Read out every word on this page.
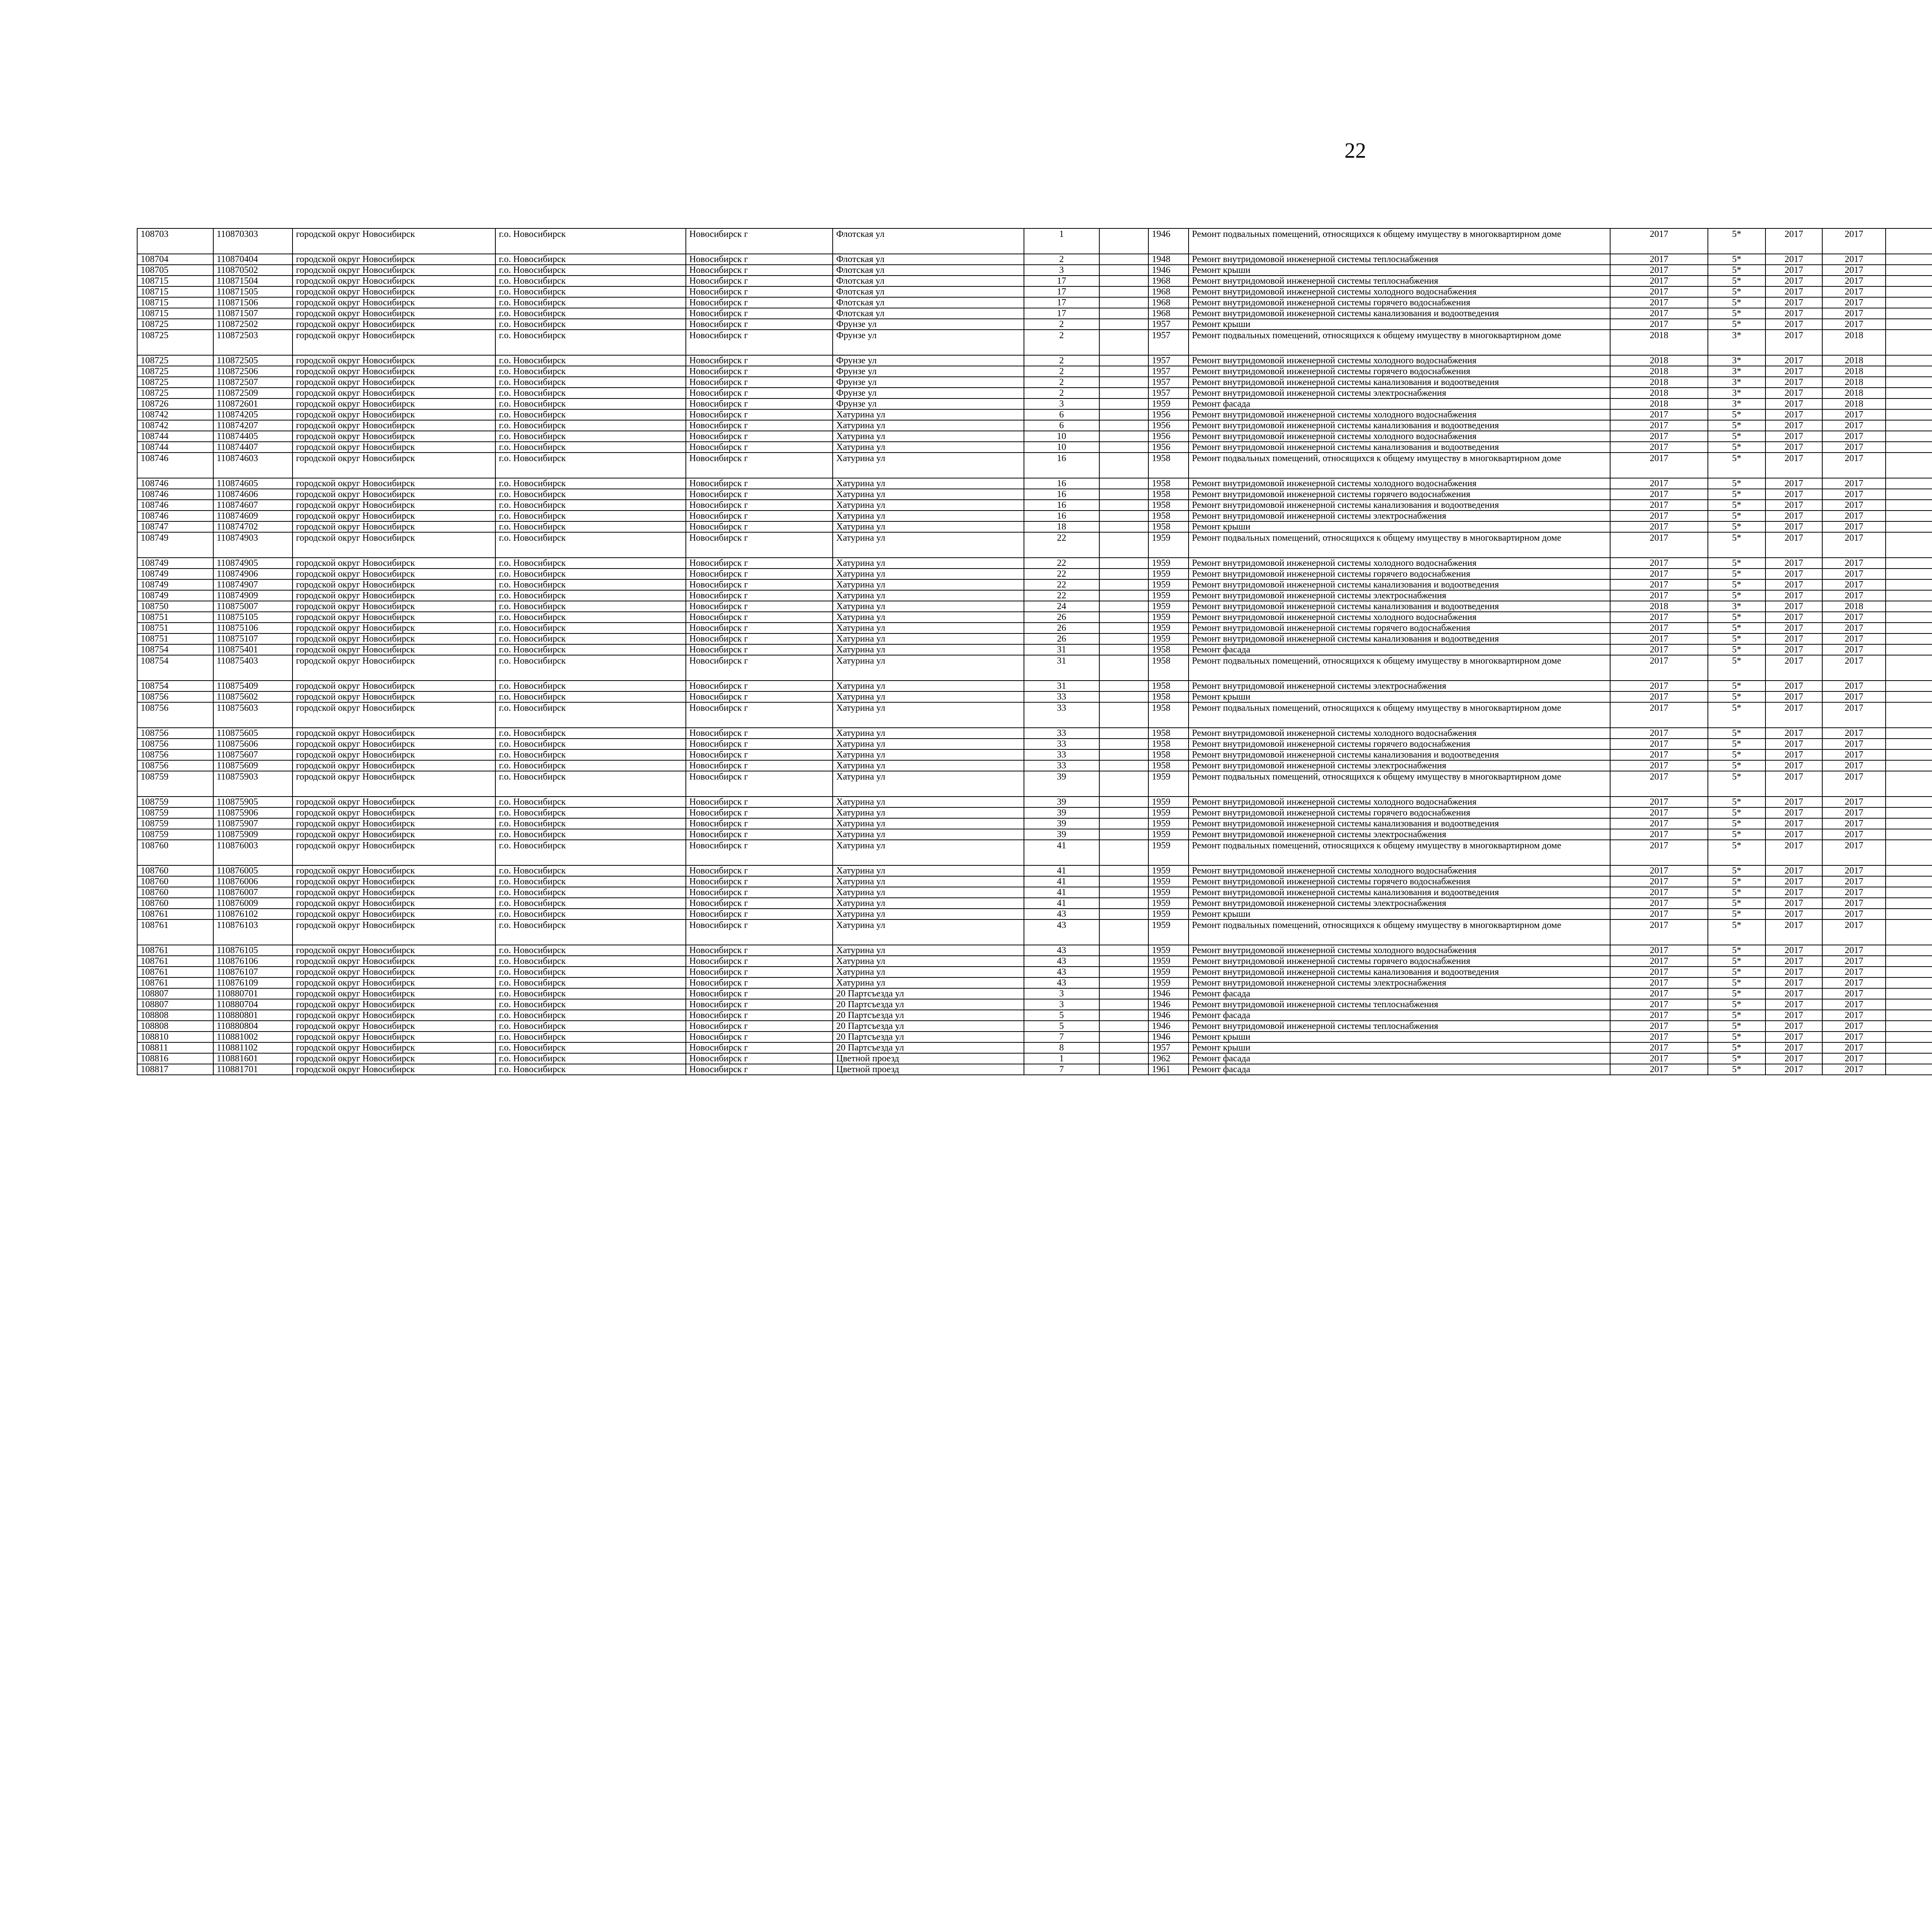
22
108703	110870303	городской округ Новосибирск	г.о. Новосибирск	Новосибирск г	Флотская ул	1		1946	Ремонт подвальных помещений, относящихся к общему имуществу в многоквартирном доме	2017	5*	2017	2017							
108704	110870404	городской округ Новосибирск	г.о. Новосибирск	Новосибирск г	Флотская ул	2		1948	Ремонт внутридомовой инженерной системы теплоснабжения	2017	5*	2017	2017							
108705	110870502	городской округ Новосибирск	г.о. Новосибирск	Новосибирск г	Флотская ул	3		1946	Ремонт крыши	2017	5*	2017	2017							
108715	110871504	городской округ Новосибирск	г.о. Новосибирск	Новосибирск г	Флотская ул	17		1968	Ремонт внутридомовой инженерной системы теплоснабжения	2017	5*	2017	2017							
108715	110871505	городской округ Новосибирск	г.о. Новосибирск	Новосибирск г	Флотская ул	17		1968	Ремонт внутридомовой инженерной системы холодного водоснабжения	2017	5*	2017	2017							
108715	110871506	городской округ Новосибирск	г.о. Новосибирск	Новосибирск г	Флотская ул	17		1968	Ремонт внутридомовой инженерной системы горячего водоснабжения	2017	5*	2017	2017							
108715	110871507	городской округ Новосибирск	г.о. Новосибирск	Новосибирск г	Флотская ул	17		1968	Ремонт внутридомовой инженерной системы канализования и водоотведения	2017	5*	2017	2017							
108725	110872502	городской округ Новосибирск	г.о. Новосибирск	Новосибирск г	Фрунзе ул	2		1957	Ремонт крыши	2017	5*	2017	2017							
108725	110872503	городской округ Новосибирск	г.о. Новосибирск	Новосибирск г	Фрунзе ул	2		1957	Ремонт подвальных помещений, относящихся к общему имуществу в многоквартирном доме	2018	3*	2017	2018							
108725	110872505	городской округ Новосибирск	г.о. Новосибирск	Новосибирск г	Фрунзе ул	2		1957	Ремонт внутридомовой инженерной системы холодного водоснабжения	2018	3*	2017	2018							
108725	110872506	городской округ Новосибирск	г.о. Новосибирск	Новосибирск г	Фрунзе ул	2		1957	Ремонт внутридомовой инженерной системы горячего водоснабжения	2018	3*	2017	2018							
108725	110872507	городской округ Новосибирск	г.о. Новосибирск	Новосибирск г	Фрунзе ул	2		1957	Ремонт внутридомовой инженерной системы канализования и водоотведения	2018	3*	2017	2018							
108725	110872509	городской округ Новосибирск	г.о. Новосибирск	Новосибирск г	Фрунзе ул	2		1957	Ремонт внутридомовой инженерной системы электроснабжения	2018	3*	2017	2018							
108726	110872601	городской округ Новосибирск	г.о. Новосибирск	Новосибирск г	Фрунзе ул	3		1959	Ремонт фасада	2018	3*	2017	2018							
108742	110874205	городской округ Новосибирск	г.о. Новосибирск	Новосибирск г	Хатурина ул	6		1956	Ремонт внутридомовой инженерной системы холодного водоснабжения	2017	5*	2017	2017							
108742	110874207	городской округ Новосибирск	г.о. Новосибирск	Новосибирск г	Хатурина ул	6		1956	Ремонт внутридомовой инженерной системы канализования и водоотведения	2017	5*	2017	2017							
108744	110874405	городской округ Новосибирск	г.о. Новосибирск	Новосибирск г	Хатурина ул	10		1956	Ремонт внутридомовой инженерной системы холодного водоснабжения	2017	5*	2017	2017							
108744	110874407	городской округ Новосибирск	г.о. Новосибирск	Новосибирск г	Хатурина ул	10		1956	Ремонт внутридомовой инженерной системы канализования и водоотведения	2017	5*	2017	2017							
108746	110874603	городской округ Новосибирск	г.о. Новосибирск	Новосибирск г	Хатурина ул	16		1958	Ремонт подвальных помещений, относящихся к общему имуществу в многоквартирном доме	2017	5*	2017	2017							
108746	110874605	городской округ Новосибирск	г.о. Новосибирск	Новосибирск г	Хатурина ул	16		1958	Ремонт внутридомовой инженерной системы холодного водоснабжения	2017	5*	2017	2017							
108746	110874606	городской округ Новосибирск	г.о. Новосибирск	Новосибирск г	Хатурина ул	16		1958	Ремонт внутридомовой инженерной системы горячего водоснабжения	2017	5*	2017	2017							
108746	110874607	городской округ Новосибирск	г.о. Новосибирск	Новосибирск г	Хатурина ул	16		1958	Ремонт внутридомовой инженерной системы канализования и водоотведения	2017	5*	2017	2017							
108746	110874609	городской округ Новосибирск	г.о. Новосибирск	Новосибирск г	Хатурина ул	16		1958	Ремонт внутридомовой инженерной системы электроснабжения	2017	5*	2017	2017							
108747	110874702	городской округ Новосибирск	г.о. Новосибирск	Новосибирск г	Хатурина ул	18		1958	Ремонт крыши	2017	5*	2017	2017							
108749	110874903	городской округ Новосибирск	г.о. Новосибирск	Новосибирск г	Хатурина ул	22		1959	Ремонт подвальных помещений, относящихся к общему имуществу в многоквартирном доме	2017	5*	2017	2017							
108749	110874905	городской округ Новосибирск	г.о. Новосибирск	Новосибирск г	Хатурина ул	22		1959	Ремонт внутридомовой инженерной системы холодного водоснабжения	2017	5*	2017	2017							
108749	110874906	городской округ Новосибирск	г.о. Новосибирск	Новосибирск г	Хатурина ул	22		1959	Ремонт внутридомовой инженерной системы горячего водоснабжения	2017	5*	2017	2017							
108749	110874907	городской округ Новосибирск	г.о. Новосибирск	Новосибирск г	Хатурина ул	22		1959	Ремонт внутридомовой инженерной системы канализования и водоотведения	2017	5*	2017	2017							
108749	110874909	городской округ Новосибирск	г.о. Новосибирск	Новосибирск г	Хатурина ул	22		1959	Ремонт внутридомовой инженерной системы электроснабжения	2017	5*	2017	2017							
108750	110875007	городской округ Новосибирск	г.о. Новосибирск	Новосибирск г	Хатурина ул	24		1959	Ремонт внутридомовой инженерной системы канализования и водоотведения	2018	3*	2017	2018							
108751	110875105	городской округ Новосибирск	г.о. Новосибирск	Новосибирск г	Хатурина ул	26		1959	Ремонт внутридомовой инженерной системы холодного водоснабжения	2017	5*	2017	2017							
108751	110875106	городской округ Новосибирск	г.о. Новосибирск	Новосибирск г	Хатурина ул	26		1959	Ремонт внутридомовой инженерной системы горячего водоснабжения	2017	5*	2017	2017							
108751	110875107	городской округ Новосибирск	г.о. Новосибирск	Новосибирск г	Хатурина ул	26		1959	Ремонт внутридомовой инженерной системы канализования и водоотведения	2017	5*	2017	2017							
108754	110875401	городской округ Новосибирск	г.о. Новосибирск	Новосибирск г	Хатурина ул	31		1958	Ремонт фасада	2017	5*	2017	2017							
108754	110875403	городской округ Новосибирск	г.о. Новосибирск	Новосибирск г	Хатурина ул	31		1958	Ремонт подвальных помещений, относящихся к общему имуществу в многоквартирном доме	2017	5*	2017	2017							
108754	110875409	городской округ Новосибирск	г.о. Новосибирск	Новосибирск г	Хатурина ул	31		1958	Ремонт внутридомовой инженерной системы электроснабжения	2017	5*	2017	2017							
108756	110875602	городской округ Новосибирск	г.о. Новосибирск	Новосибирск г	Хатурина ул	33		1958	Ремонт крыши	2017	5*	2017	2017							
108756	110875603	городской округ Новосибирск	г.о. Новосибирск	Новосибирск г	Хатурина ул	33		1958	Ремонт подвальных помещений, относящихся к общему имуществу в многоквартирном доме	2017	5*	2017	2017							
108756	110875605	городской округ Новосибирск	г.о. Новосибирск	Новосибирск г	Хатурина ул	33		1958	Ремонт внутридомовой инженерной системы холодного водоснабжения	2017	5*	2017	2017							
108756	110875606	городской округ Новосибирск	г.о. Новосибирск	Новосибирск г	Хатурина ул	33		1958	Ремонт внутридомовой инженерной системы горячего водоснабжения	2017	5*	2017	2017							
108756	110875607	городской округ Новосибирск	г.о. Новосибирск	Новосибирск г	Хатурина ул	33		1958	Ремонт внутридомовой инженерной системы канализования и водоотведения	2017	5*	2017	2017							
108756	110875609	городской округ Новосибирск	г.о. Новосибирск	Новосибирск г	Хатурина ул	33		1958	Ремонт внутридомовой инженерной системы электроснабжения	2017	5*	2017	2017							
108759	110875903	городской округ Новосибирск	г.о. Новосибирск	Новосибирск г	Хатурина ул	39		1959	Ремонт подвальных помещений, относящихся к общему имуществу в многоквартирном доме	2017	5*	2017	2017							
108759	110875905	городской округ Новосибирск	г.о. Новосибирск	Новосибирск г	Хатурина ул	39		1959	Ремонт внутридомовой инженерной системы холодного водоснабжения	2017	5*	2017	2017							
108759	110875906	городской округ Новосибирск	г.о. Новосибирск	Новосибирск г	Хатурина ул	39		1959	Ремонт внутридомовой инженерной системы горячего водоснабжения	2017	5*	2017	2017							
108759	110875907	городской округ Новосибирск	г.о. Новосибирск	Новосибирск г	Хатурина ул	39		1959	Ремонт внутридомовой инженерной системы канализования и водоотведения	2017	5*	2017	2017							
108759	110875909	городской округ Новосибирск	г.о. Новосибирск	Новосибирск г	Хатурина ул	39		1959	Ремонт внутридомовой инженерной системы электроснабжения	2017	5*	2017	2017							
108760	110876003	городской округ Новосибирск	г.о. Новосибирск	Новосибирск г	Хатурина ул	41		1959	Ремонт подвальных помещений, относящихся к общему имуществу в многоквартирном доме	2017	5*	2017	2017							
108760	110876005	городской округ Новосибирск	г.о. Новосибирск	Новосибирск г	Хатурина ул	41		1959	Ремонт внутридомовой инженерной системы холодного водоснабжения	2017	5*	2017	2017							
108760	110876006	городской округ Новосибирск	г.о. Новосибирск	Новосибирск г	Хатурина ул	41		1959	Ремонт внутридомовой инженерной системы горячего водоснабжения	2017	5*	2017	2017							
108760	110876007	городской округ Новосибирск	г.о. Новосибирск	Новосибирск г	Хатурина ул	41		1959	Ремонт внутридомовой инженерной системы канализования и водоотведения	2017	5*	2017	2017							
108760	110876009	городской округ Новосибирск	г.о. Новосибирск	Новосибирск г	Хатурина ул	41		1959	Ремонт внутридомовой инженерной системы электроснабжения	2017	5*	2017	2017							
108761	110876102	городской округ Новосибирск	г.о. Новосибирск	Новосибирск г	Хатурина ул	43		1959	Ремонт крыши	2017	5*	2017	2017							
108761	110876103	городской округ Новосибирск	г.о. Новосибирск	Новосибирск г	Хатурина ул	43		1959	Ремонт подвальных помещений, относящихся к общему имуществу в многоквартирном доме	2017	5*	2017	2017							
108761	110876105	городской округ Новосибирск	г.о. Новосибирск	Новосибирск г	Хатурина ул	43		1959	Ремонт внутридомовой инженерной системы холодного водоснабжения	2017	5*	2017	2017							
108761	110876106	городской округ Новосибирск	г.о. Новосибирск	Новосибирск г	Хатурина ул	43		1959	Ремонт внутридомовой инженерной системы горячего водоснабжения	2017	5*	2017	2017							
108761	110876107	городской округ Новосибирск	г.о. Новосибирск	Новосибирск г	Хатурина ул	43		1959	Ремонт внутридомовой инженерной системы канализования и водоотведения	2017	5*	2017	2017							
108761	110876109	городской округ Новосибирск	г.о. Новосибирск	Новосибирск г	Хатурина ул	43		1959	Ремонт внутридомовой инженерной системы электроснабжения	2017	5*	2017	2017							
108807	110880701	городской округ Новосибирск	г.о. Новосибирск	Новосибирск г	20 Партсъезда ул	3		1946	Ремонт фасада	2017	5*	2017	2017							
108807	110880704	городской округ Новосибирск	г.о. Новосибирск	Новосибирск г	20 Партсъезда ул	3		1946	Ремонт внутридомовой инженерной системы теплоснабжения	2017	5*	2017	2017							
108808	110880801	городской округ Новосибирск	г.о. Новосибирск	Новосибирск г	20 Партсъезда ул	5		1946	Ремонт фасада	2017	5*	2017	2017							
108808	110880804	городской округ Новосибирск	г.о. Новосибирск	Новосибирск г	20 Партсъезда ул	5		1946	Ремонт внутридомовой инженерной системы теплоснабжения	2017	5*	2017	2017							
108810	110881002	городской округ Новосибирск	г.о. Новосибирск	Новосибирск г	20 Партсъезда ул	7		1946	Ремонт крыши	2017	5*	2017	2017							
108811	110881102	городской округ Новосибирск	г.о. Новосибирск	Новосибирск г	20 Партсъезда ул	8		1957	Ремонт крыши	2017	5*	2017	2017							
108816	110881601	городской округ Новосибирск	г.о. Новосибирск	Новосибирск г	Цветной проезд	1		1962	Ремонт фасада	2017	5*	2017	2017							
108817	110881701	городской округ Новосибирск	г.о. Новосибирск	Новосибирск г	Цветной проезд	7		1961	Ремонт фасада	2017	5*	2017	2017							
